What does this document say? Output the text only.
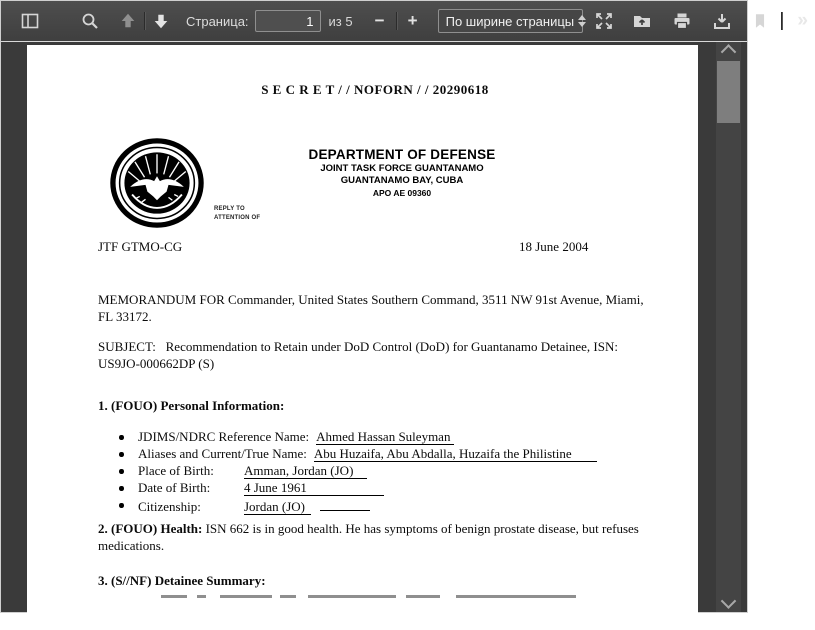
Страница:
1	из 5 − + По ширине страницы	»
S E C R E T / / NOFORN / / 20290618
REPLY TO
ATTENTION OF
DEPARTMENT OF DEFENSE
JOINT TASK FORCE GUANTANAMO
GUANTANAMO BAY, CUBA
APO AE 09360
JTF GTMO-CG	18 June 2004
MEMORANDUM FOR Commander, United States Southern Command, 3511 NW 91st Avenue, Miami, FL 33172.
SUBJECT: Recommendation to Retain under DoD Control (DoD) for Guantanamo Detainee, ISN: US9JO-000662DP (S)
1. (FOUO) Personal Information:
JDIMS/NDRC Reference Name: Ahmed Hassan Suleyman
Aliases and Current/True Name: Abu Huzaifa, Abu Abdalla, Huzaifa the Philistine
Place of Birth: Amman, Jordan (JO)
Date of Birth:	4 June 1961
Citizenship:	Jordan (JO)
2. (FOUO) Health: ISN 662 is in good health. He has symptoms of benign prostate disease, but refuses medications.
3. (S//NF) Detainee Summary:
